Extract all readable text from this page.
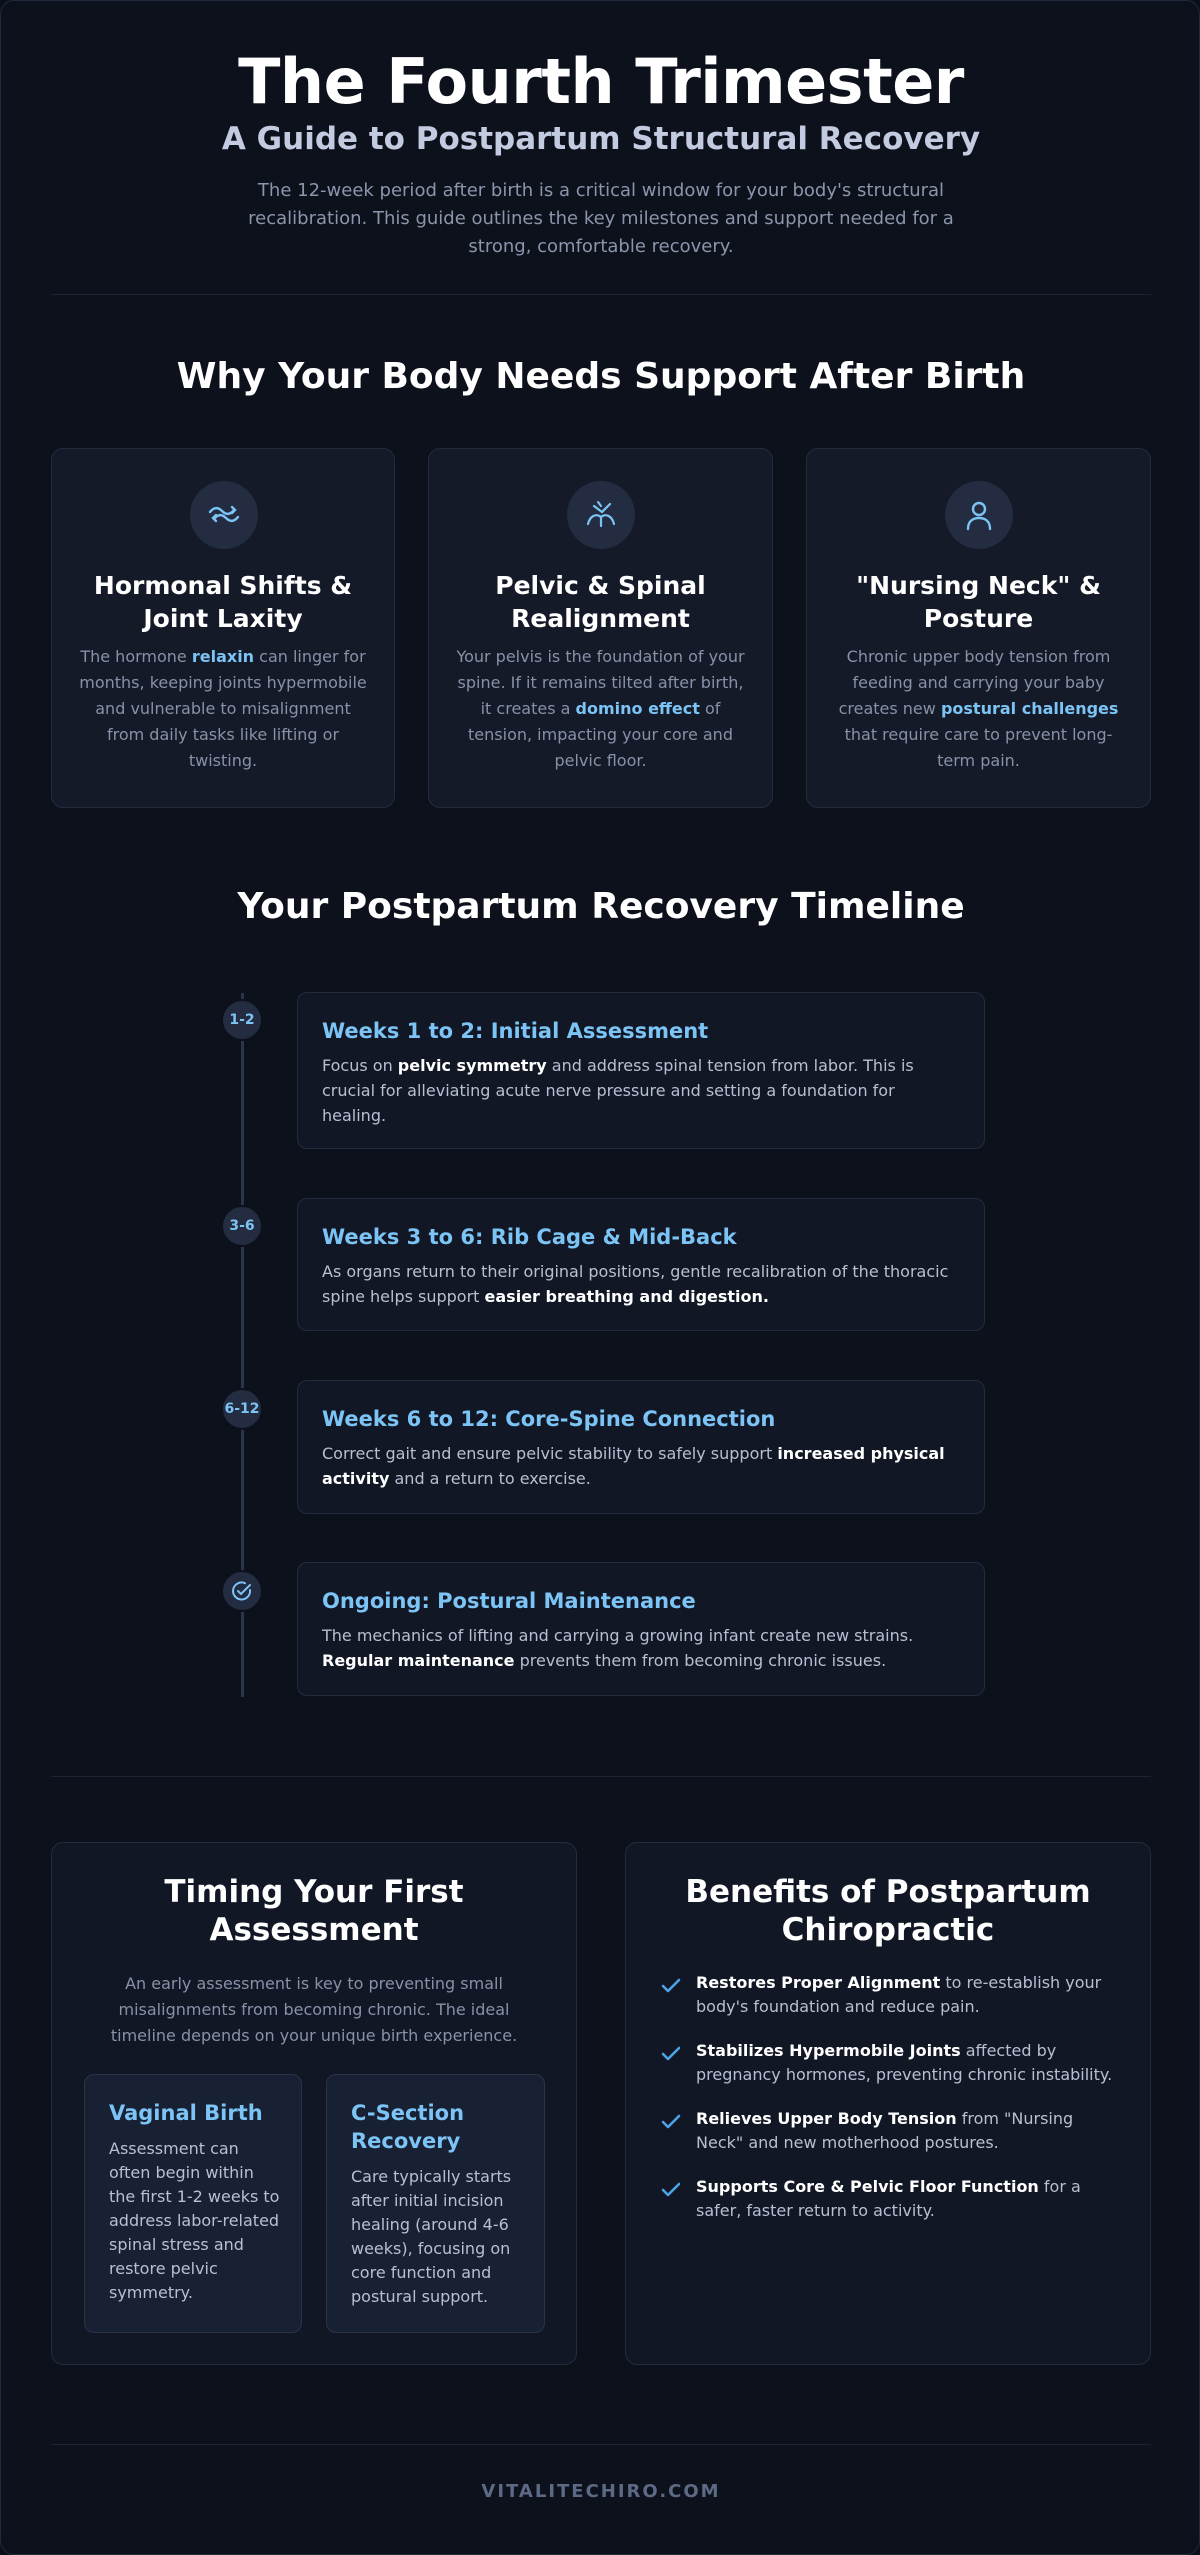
The Fourth Trimester
A Guide to Postpartum Structural Recovery
The 12-week period after birth is a critical window for your body's structural recalibration. This guide outlines the key milestones and support needed for a strong, comfortable recovery.
Why Your Body Needs Support After Birth
Hormonal Shifts & Joint Laxity
The hormone relaxin can linger for months, keeping joints hypermobile and vulnerable to misalignment from daily tasks like lifting or twisting.
Pelvic & Spinal Realignment
Your pelvis is the foundation of your spine. If it remains tilted after birth, it creates a domino effect of tension, impacting your core and pelvic floor.
"Nursing Neck" & Posture
Chronic upper body tension from feeding and carrying your baby creates new postural challenges that require care to prevent long-term pain.
Your Postpartum Recovery Timeline
1-2	Weeks 1 to 2: Initial Assessment
Focus on pelvic symmetry and address spinal tension from labor. This is crucial for alleviating acute nerve pressure and setting a foundation for healing.
3-6	Weeks 3 to 6: Rib Cage & Mid-Back
As organs return to their original positions, gentle recalibration of the thoracic spine helps support easier breathing and digestion.
6-12	Weeks 6 to 12: Core-Spine Connection
Correct gait and ensure pelvic stability to safely support increased physical activity and a return to exercise.
Ongoing: Postural Maintenance
The mechanics of lifting and carrying a growing infant create new strains. Regular maintenance prevents them from becoming chronic issues.
Timing Your First Assessment
An early assessment is key to preventing small misalignments from becoming chronic. The ideal timeline depends on your unique birth experience.
Vaginal Birth
Assessment can often begin within the first 1-2 weeks to address labor-related spinal stress and restore pelvic symmetry.
C-Section Recovery
Care typically starts after initial incision healing (around 4-6 weeks), focusing on core function and postural support.
Benefits of Postpartum Chiropractic
Restores Proper Alignment to re-establish your body's foundation and reduce pain.
Stabilizes Hypermobile Joints affected by pregnancy hormones, preventing chronic instability.
Relieves Upper Body Tension from "Nursing Neck" and new motherhood postures.
Supports Core & Pelvic Floor Function for a safer, faster return to activity.
VITALITECHIRO.COM
